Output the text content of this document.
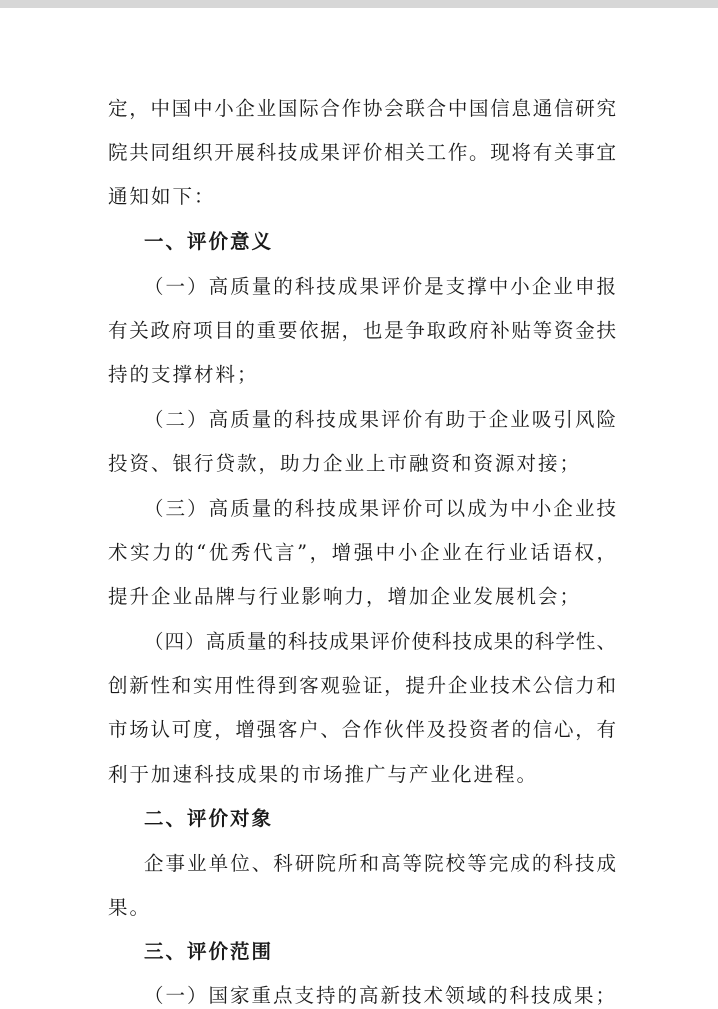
定，中国中小企业国际合作协会联合中国信息通信研究
院共同组织开展科技成果评价相关工作。现将有关事宜
通知如下：
一、评价意义
（一）高质量的科技成果评价是支撑中小企业申报
有关政府项目的重要依据，也是争取政府补贴等资金扶
持的支撑材料；
（二）高质量的科技成果评价有助于企业吸引风险
投资、银行贷款，助力企业上市融资和资源对接；
（三）高质量的科技成果评价可以成为中小企业技
术实力的“优秀代言”，增强中小企业在行业话语权，
提升企业品牌与行业影响力，增加企业发展机会；
（四）高质量的科技成果评价使科技成果的科学性、
创新性和实用性得到客观验证，提升企业技术公信力和
市场认可度，增强客户、合作伙伴及投资者的信心，有
利于加速科技成果的市场推广与产业化进程。
二、评价对象
企事业单位、科研院所和高等院校等完成的科技成
果。
三、评价范围
（一）国家重点支持的高新技术领域的科技成果；
